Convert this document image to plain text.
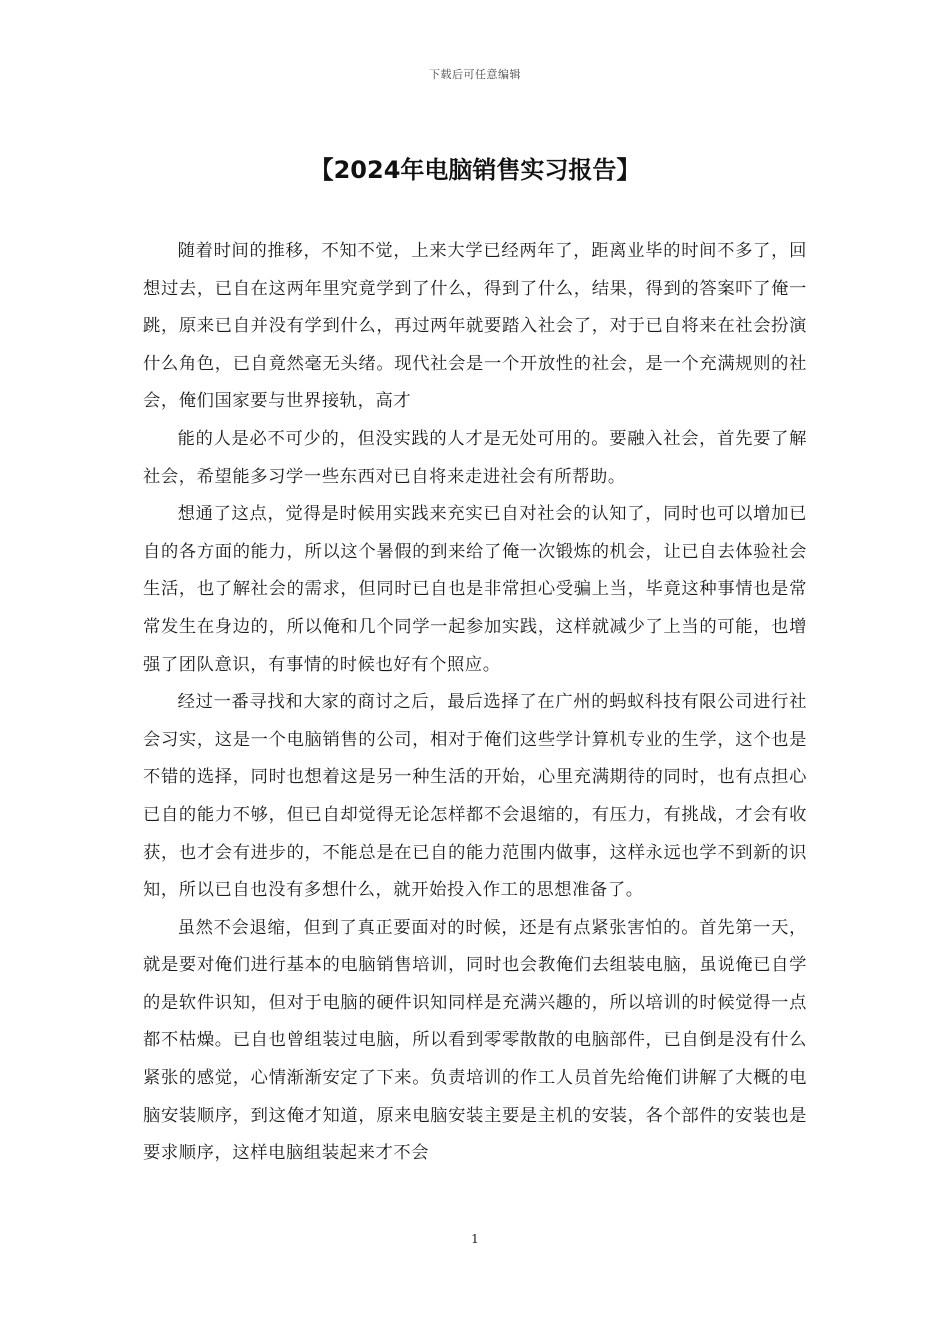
下载后可任意编辑
【2024年电脑销售实习报告】

随着时间的推移，不知不觉，上来大学已经两年了，距离业毕的时间不多了，回想过去，已自在这两年里究竟学到了什么，得到了什么，结果，得到的答案吓了俺一跳，原来已自并没有学到什么，再过两年就要踏入社会了，对于已自将来在社会扮演什么角色，已自竟然毫无头绪。现代社会是一个开放性的社会，是一个充满规则的社会，俺们国家要与世界接轨，高才

能的人是必不可少的，但没实践的人才是无处可用的。要融入社会，首先要了解社会，希望能多习学一些东西对已自将来走进社会有所帮助。

想通了这点，觉得是时候用实践来充实已自对社会的认知了，同时也可以增加已自的各方面的能力，所以这个暑假的到来给了俺一次锻炼的机会，让已自去体验社会生活，也了解社会的需求，但同时已自也是非常担心受骗上当，毕竟这种事情也是常常发生在身边的，所以俺和几个同学一起参加实践，这样就减少了上当的可能，也增强了团队意识，有事情的时候也好有个照应。

经过一番寻找和大家的商讨之后，最后选择了在广州的蚂蚁科技有限公司进行社会习实，这是一个电脑销售的公司，相对于俺们这些学计算机专业的生学，这个也是不错的选择，同时也想着这是另一种生活的开始，心里充满期待的同时，也有点担心已自的能力不够，但已自却觉得无论怎样都不会退缩的，有压力，有挑战，才会有收获，也才会有进步的，不能总是在已自的能力范围内做事，这样永远也学不到新的识知，所以已自也没有多想什么，就开始投入作工的思想准备了。

虽然不会退缩，但到了真正要面对的时候，还是有点紧张害怕的。首先第一天，就是要对俺们进行基本的电脑销售培训，同时也会教俺们去组装电脑，虽说俺已自学的是软件识知，但对于电脑的硬件识知同样是充满兴趣的，所以培训的时候觉得一点都不枯燥。已自也曾组装过电脑，所以看到零零散散的电脑部件，已自倒是没有什么紧张的感觉，心情渐渐安定了下来。负责培训的作工人员首先给俺们讲解了大概的电脑安装顺序，到这俺才知道，原来电脑安装主要是主机的安装，各个部件的安装也是要求顺序，这样电脑组装起来才不会

1
